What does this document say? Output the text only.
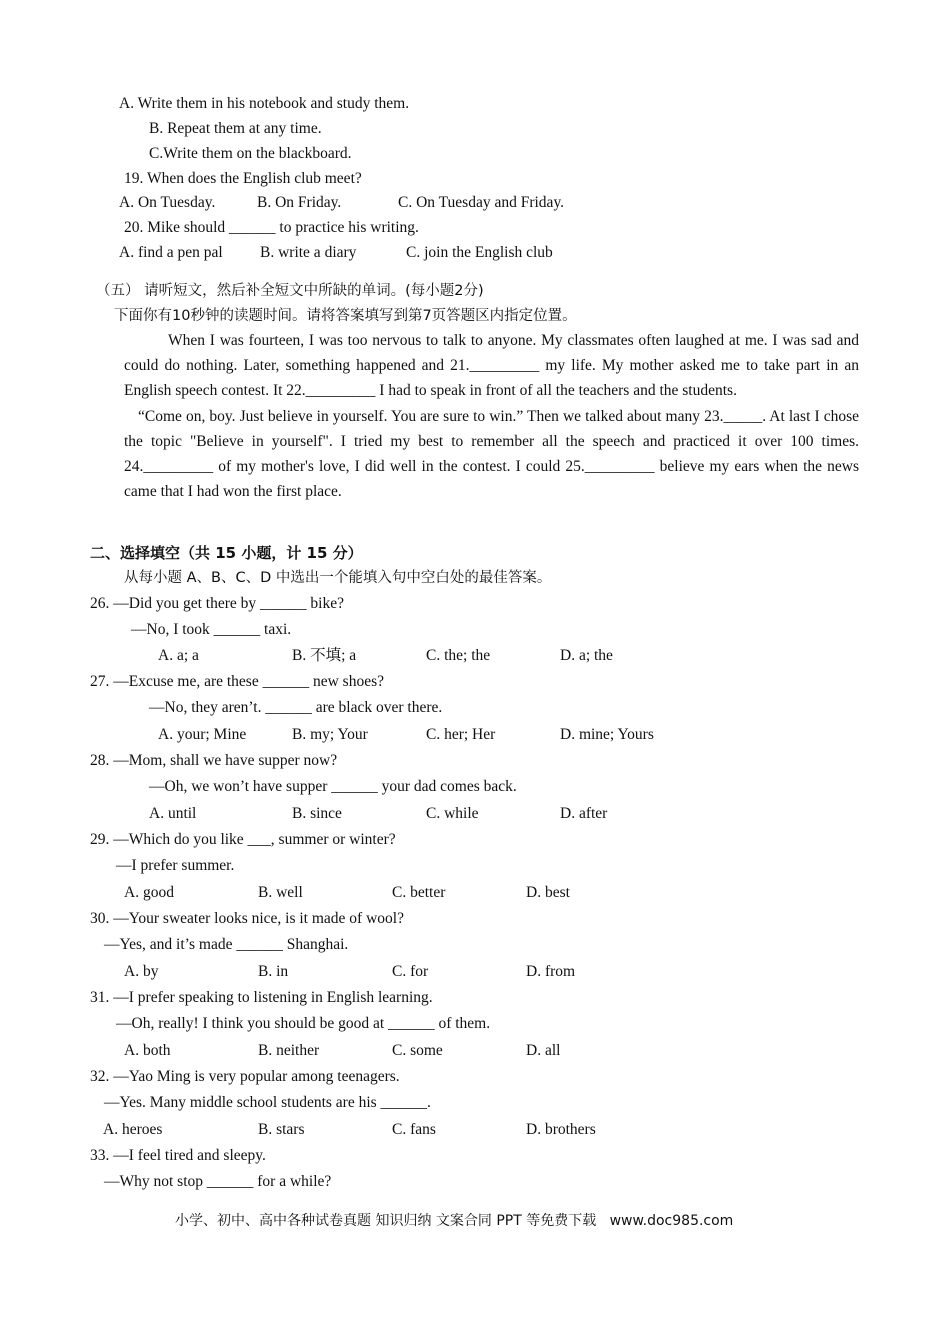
A. Write them in his notebook and study them.
B. Repeat them at any time.
C.Write them on the blackboard.
19. When does the English club meet?

A. On Tuesday.

	B. On Friday.

	C. On Tuesday and Friday.

20. Mike should ______ to practice his writing.

A. find a pen pal

B. write a diary

	C. join the English club

（五） 请听短文，然后补全短文中所缺的单词。(每小题2分)
下面你有10秒钟的读题时间。请将答案填写到第7页答题区内指定位置。

When I was fourteen, I was too nervous to talk to anyone. My classmates often laughed at me. I was sad and could do nothing. Later, something happened and 21._________ my life. My mother asked me to take part in an English speech contest. It 22._________ I had to speak in front of all the teachers and the students.

“Come on, boy. Just believe in yourself. You are sure to win.” Then we talked about many 23._____. At last I chose the topic "Believe in yourself". I tried my best to remember all the speech and practiced it over 100 times. 24._________ of my mother's love, I did well in the contest. I could 25._________ believe my ears when the news came that I had won the first place.

二、选择填空（共 15 小题，计 15 分）
从每小题 A、B、C、D 中选出一个能填入句中空白处的最佳答案。
26. —Did you get there by ______ bike?
—No, I took ______ taxi.

A. a; a

	B. 不填; a

	C. the; the

	D. a; the

27. —Excuse me, are these ______ new shoes?
—No, they aren’t. ______ are black over there.

A. your; Mine

	B. my; Your

	C. her; Her

	D. mine; Yours

28. —Mom, shall we have supper now?
—Oh, we won’t have supper ______ your dad comes back.

A. until

	B. since

	C. while

	D. after

29. —Which do you like ___, summer or winter?
—I prefer summer.

A. good

	B. well

	C. better

	D. best

30. —Your sweater looks nice, is it made of wool?
—Yes, and it’s made ______ Shanghai.

A. by

	B. in

	C. for

	D. from

31. —I prefer speaking to listening in English learning.
—Oh, really! I think you should be good at ______ of them.

A. both

	B. neither

	C. some

	D. all

32. —Yao Ming is very popular among teenagers.
—Yes. Many middle school students are his ______.

A. heroes

	B. stars

	C. fans

	D. brothers

33. —I feel tired and sleepy.
—Why not stop ______ for a while?
小学、初中、高中各种试卷真题 知识归纳 文案合同 PPT 等免费下载   www.doc985.com
